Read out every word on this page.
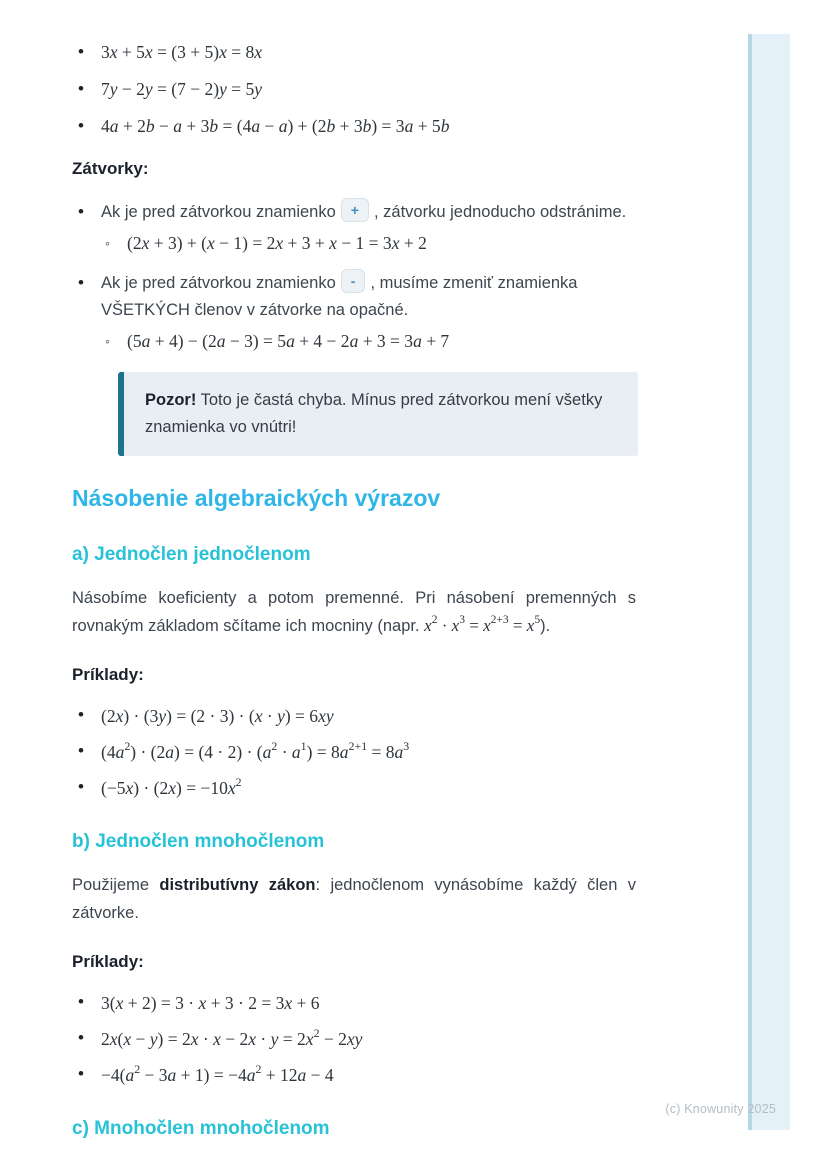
• 3x + 5x = (3 + 5)x = 8x
• 7y − 2y = (7 − 2)y = 5y
• 4a + 2b − a + 3b = (4a − a) + (2b + 3b) = 3a + 5b
Zátvorky:
• Ak je pred zátvorkou znamienko + , zátvorku jednoducho odstránime.
◦ (2x + 3) + (x − 1) = 2x + 3 + x − 1 = 3x + 2
• Ak je pred zátvorkou znamienko - , musíme zmeniť znamienka VŠETKÝCH členov v zátvorke na opačné.
◦ (5a + 4) − (2a − 3) = 5a + 4 − 2a + 3 = 3a + 7
Pozor! Toto je častá chyba. Mínus pred zátvorkou mení všetky znamienka vo vnútri!
Násobenie algebraických výrazov
a) Jednočlen jednočlenom

Násobíme koeficienty a potom premenné. Pri násobení premenných s rovnakým základom sčítame ich mocniny (napr. $x^2 \cdot x^3 = x^{2+3} = x^5$).

Príklady:
• (2x) · (3y) = (2 · 3) · (x · y) = 6xy
• $(4a^2) \cdot (2a) = (4 \cdot 2) \cdot (a^2 \cdot a^1) = 8a^{2+1} = 8a^3$
• $(-5x) \cdot (2x) = -10x^2$
b) Jednočlen mnohočlenom

Použijeme distributívny zákon: jednočlenom vynásobíme každý člen v zátvorke.

Príklady:
• 3(x + 2) = 3 · x + 3 · 2 = 3x + 6
• $2x(x - y) = 2x \cdot x - 2x \cdot y = 2x^2 - 2xy$
• $-4(a^2 - 3a + 1) = -4a^2 + 12a - 4$
c) Mnohočlen mnohočlenom
(c) Knowunity 2025
